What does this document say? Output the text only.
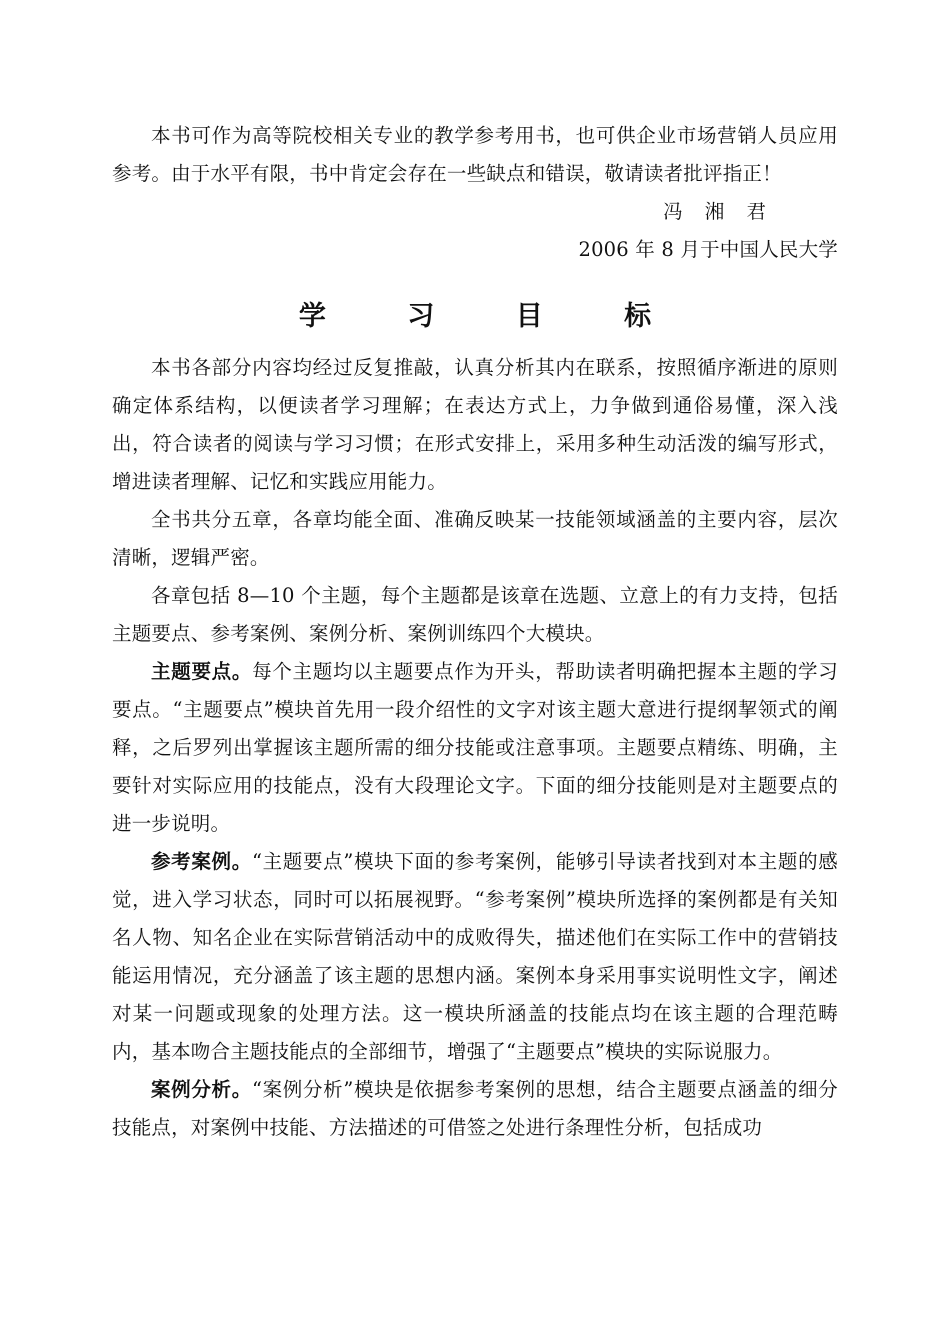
本书可作为高等院校相关专业的教学参考用书，也可供企业市场营销人员应用参考。由于水平有限，书中肯定会存在一些缺点和错误，敬请读者批评指正！

冯 湘 君

2006 年 8 月于中国人民大学

学 习 目 标

本书各部分内容均经过反复推敲，认真分析其内在联系，按照循序渐进的原则确定体系结构，以便读者学习理解；在表达方式上，力争做到通俗易懂，深入浅出，符合读者的阅读与学习习惯；在形式安排上，采用多种生动活泼的编写形式，增进读者理解、记忆和实践应用能力。

全书共分五章，各章均能全面、准确反映某一技能领域涵盖的主要内容，层次清晰，逻辑严密。

各章包括 8—10 个主题，每个主题都是该章在选题、立意上的有力支持，包括主题要点、参考案例、案例分析、案例训练四个大模块。

主题要点。每个主题均以主题要点作为开头，帮助读者明确把握本主题的学习要点。“主题要点”模块首先用一段介绍性的文字对该主题大意进行提纲挈领式的阐释，之后罗列出掌握该主题所需的细分技能或注意事项。主题要点精练、明确，主要针对实际应用的技能点，没有大段理论文字。下面的细分技能则是对主题要点的进一步说明。

参考案例。“主题要点”模块下面的参考案例，能够引导读者找到对本主题的感觉，进入学习状态，同时可以拓展视野。“参考案例”模块所选择的案例都是有关知名人物、知名企业在实际营销活动中的成败得失，描述他们在实际工作中的营销技能运用情况，充分涵盖了该主题的思想内涵。案例本身采用事实说明性文字，阐述对某一问题或现象的处理方法。这一模块所涵盖的技能点均在该主题的合理范畴内，基本吻合主题技能点的全部细节，增强了“主题要点”模块的实际说服力。

案例分析。“案例分析”模块是依据参考案例的思想，结合主题要点涵盖的细分技能点，对案例中技能、方法描述的可借签之处进行条理性分析，包括成功
